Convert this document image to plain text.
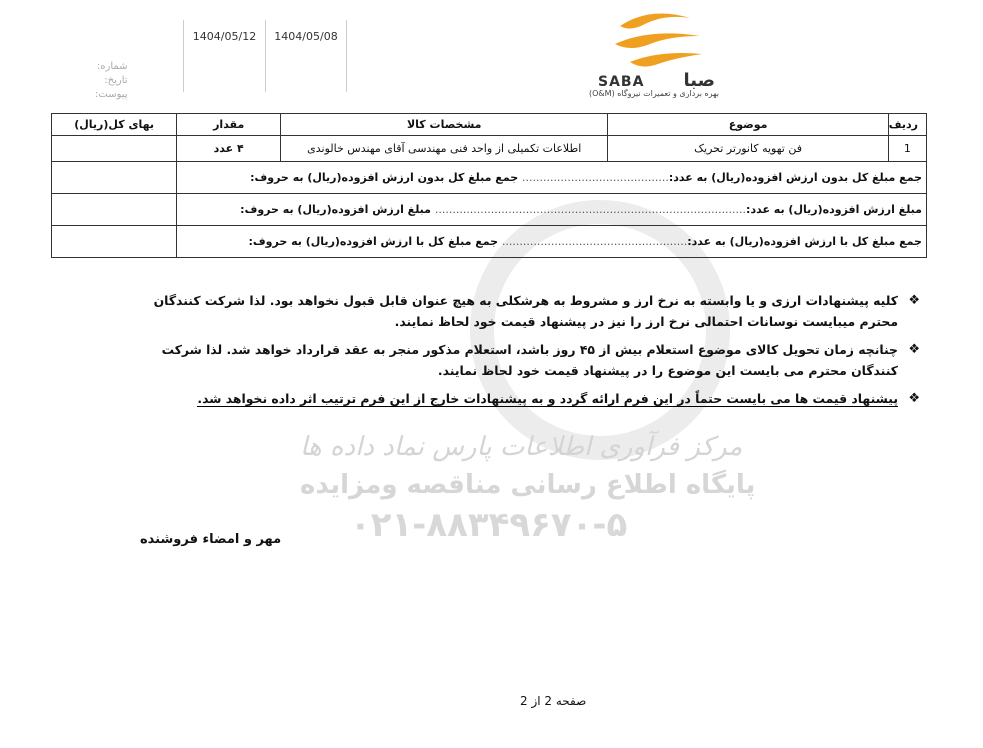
مرکز فرآوری اطلاعات پارس نماد داده ها
پایگاه اطلاع رسانی مناقصه ومزایده
۰۲۱-۸۸۳۴۹۶۷۰-۵
1404/05/12	1404/05/08
شماره:
تاریخ:
پیوست:
SABA صبا
بهره برداری و تعمیرات نیروگاه (O&M)
ردیف	موضوع	مشخصات کالا	مقدار	بهای کل(ریال)
1	فن تهویه کانورتر تحریک	اطلاعات تکمیلی از واحد فنی مهندسی آقای مهندس خالوندی	۴ عدد	

جمع مبلغ کل بدون ارزش افزوده(ریال) به عدد:.......................................... جمع مبلغ کل بدون ارزش افزوده(ریال) به حروف:				

مبلغ ارزش افزوده(ریال) به عدد:......................................................................................... مبلغ ارزش افزوده(ریال) به حروف:				

جمع مبلغ کل با ارزش افزوده(ریال) به عدد:..................................................... جمع مبلغ کل با ارزش افزوده(ریال) به حروف:				

❖
کلیه پیشنهادات ارزی و یا وابسته به نرخ ارز و مشروط به هرشکلی به هیچ عنوان قابل قبول نخواهد بود. لذا شرکت کنندگان محترم میبایست نوسانات احتمالی نرخ ارز را نیز در پیشنهاد قیمت خود لحاظ نمایند.
❖
چنانچه زمان تحویل کالای موضوع استعلام بیش از ۴۵ روز باشد، استعلام مذکور منجر به عقد قرارداد خواهد شد. لذا شرکت کنندگان محترم می بایست این موضوع را در پیشنهاد قیمت خود لحاظ نمایند.
❖
پیشنهاد قیمت ها می بایست حتماً در این فرم ارائه گردد و به پیشنهادات خارج از این فرم ترتیب اثر داده نخواهد شد.
مهر و امضاء فروشنده
صفحه 2 از 2
